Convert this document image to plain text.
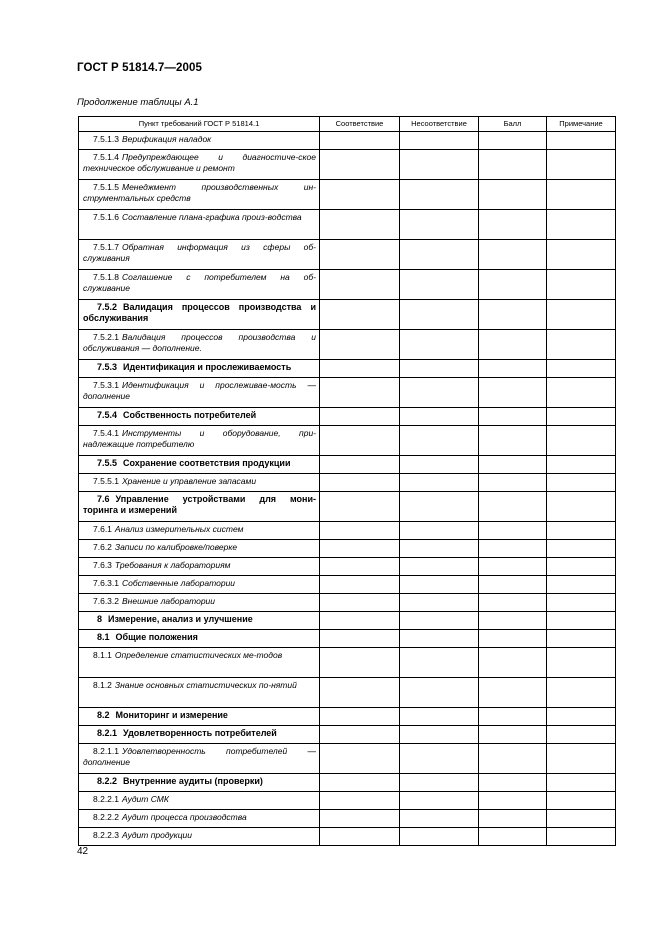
ГОСТ Р 51814.7—2005
Продолжение таблицы А.1
Пункт требований ГОСТ Р 51814.1	Соответствие	Несоответствие	Балл	Примечание
7.5.1.3 Верификация наладок				
7.5.1.4 Предупреждающее и диагностиче-ское техническое обслуживание и ремонт				
7.5.1.5 Менеджмент производственных ин-струментальных средств				
7.5.1.6 Составление плана-графика произ-водства				
7.5.1.7 Обратная информация из сферы об-служивания				
7.5.1.8 Соглашение с потребителем на об-служивание				
7.5.2 Валидация процессов производства и обслуживания				
7.5.2.1 Валидация процессов производства и обслуживания — дополнение.				
7.5.3 Идентификация и прослеживаемость				
7.5.3.1 Идентификация и прослеживае-мость — дополнение				
7.5.4 Собственность потребителей				
7.5.4.1 Инструменты и оборудование, при-надлежащие потребителю				
7.5.5 Сохранение соответствия продукции				
7.5.5.1 Хранение и управление запасами				
7.6 Управление устройствами для мони-торинга и измерений				
7.6.1 Анализ измерительных систем				
7.6.2 Записи по калибровке/поверке				
7.6.3 Требования к лабораториям				
7.6.3.1 Собственные лаборатории				
7.6.3.2 Внешние лаборатории				
8 Измерение, анализ и улучшение				
8.1 Общие положения				
8.1.1 Определение статистических ме-тодов				
8.1.2 Знание основных статистических по-нятий				
8.2 Мониторинг и измерение				
8.2.1 Удовлетворенность потребителей				
8.2.1.1 Удовлетворенность потребителей — дополнение				
8.2.2 Внутренние аудиты (проверки)				
8.2.2.1 Аудит СМК				
8.2.2.2 Аудит процесса производства				
8.2.2.3 Аудит продукции				
42
